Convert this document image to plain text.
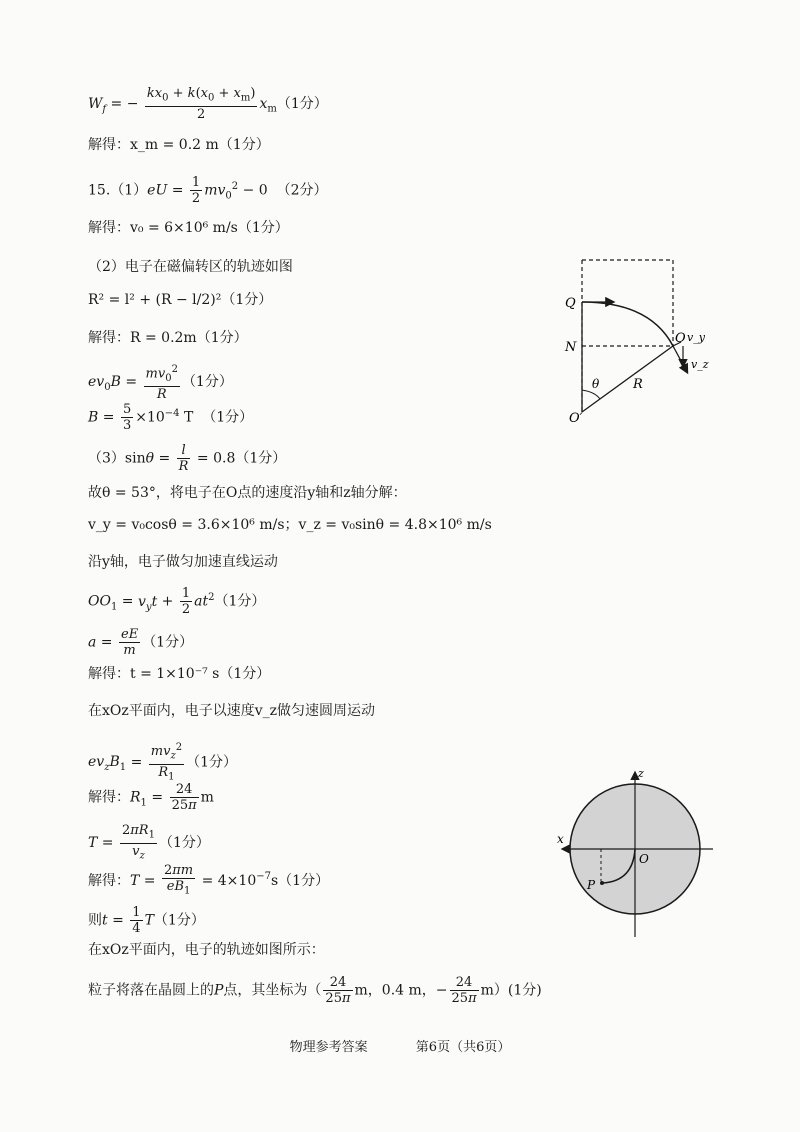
$W_f$ = − $\frac{kx_0 + k(x_0 + x_m)}{2} x_m(1$分）
解得：x_m = 0.2 m（1分）
$15.(1)eU = \frac{1}{2} mv_0^2 - 0$  （2分）
解得：v₀ = 6×10⁶ m/s（1分）
（2）电子在磁偏转区的轨迹如图
R² = l² + (R − l/2)²（1分）
解得：R = 0.2m（1分）
$ev_0B = \frac{mv_0^2}{R} (1$分）
$B = \frac{5}{3} \times 10^{-4}$ T  （1分）
$(3)\sin\theta = \frac{l}{R} = 0.8(1$分）
故θ = 53°，将电子在O点的速度沿y轴和z轴分解：
v_y = v₀cosθ = 3.6×10⁶ m/s；v_z = v₀sinθ = 4.8×10⁶ m/s
沿y轴，电子做匀加速直线运动
$OO_1 = v_yt + \frac{1}{2} at^2(1$分）
$a = \frac{eE}{m} (1$分）
解得：t = 1×10⁻⁷ s（1分）
在xOz平面内，电子以速度v_z做匀速圆周运动
$ev_zB_1 = \frac{mv_z^2}{R_1} (1$分）
解得：$R_1 = \frac{24}{25\pi}$ m
$T = \frac{2\pi R_1}{v_z} (1$分）
解得：$T = \frac{2\pi m}{eB_1} = 4\times 10^{-7}s(1$分）
则$t = \frac{1}{4} T(1$分）
在xOz平面内，电子的轨迹如图所示：
粒子将落在晶圆上的P点，其坐标为（ $\frac{24}{25\pi}$ m，0.4 m，− $\frac{24}{25\pi} m)(1$分)
Q
N
O
O′
θ	R
v_y
v_z
z
x
O
P
物理参考答案	第6页（共6页）
